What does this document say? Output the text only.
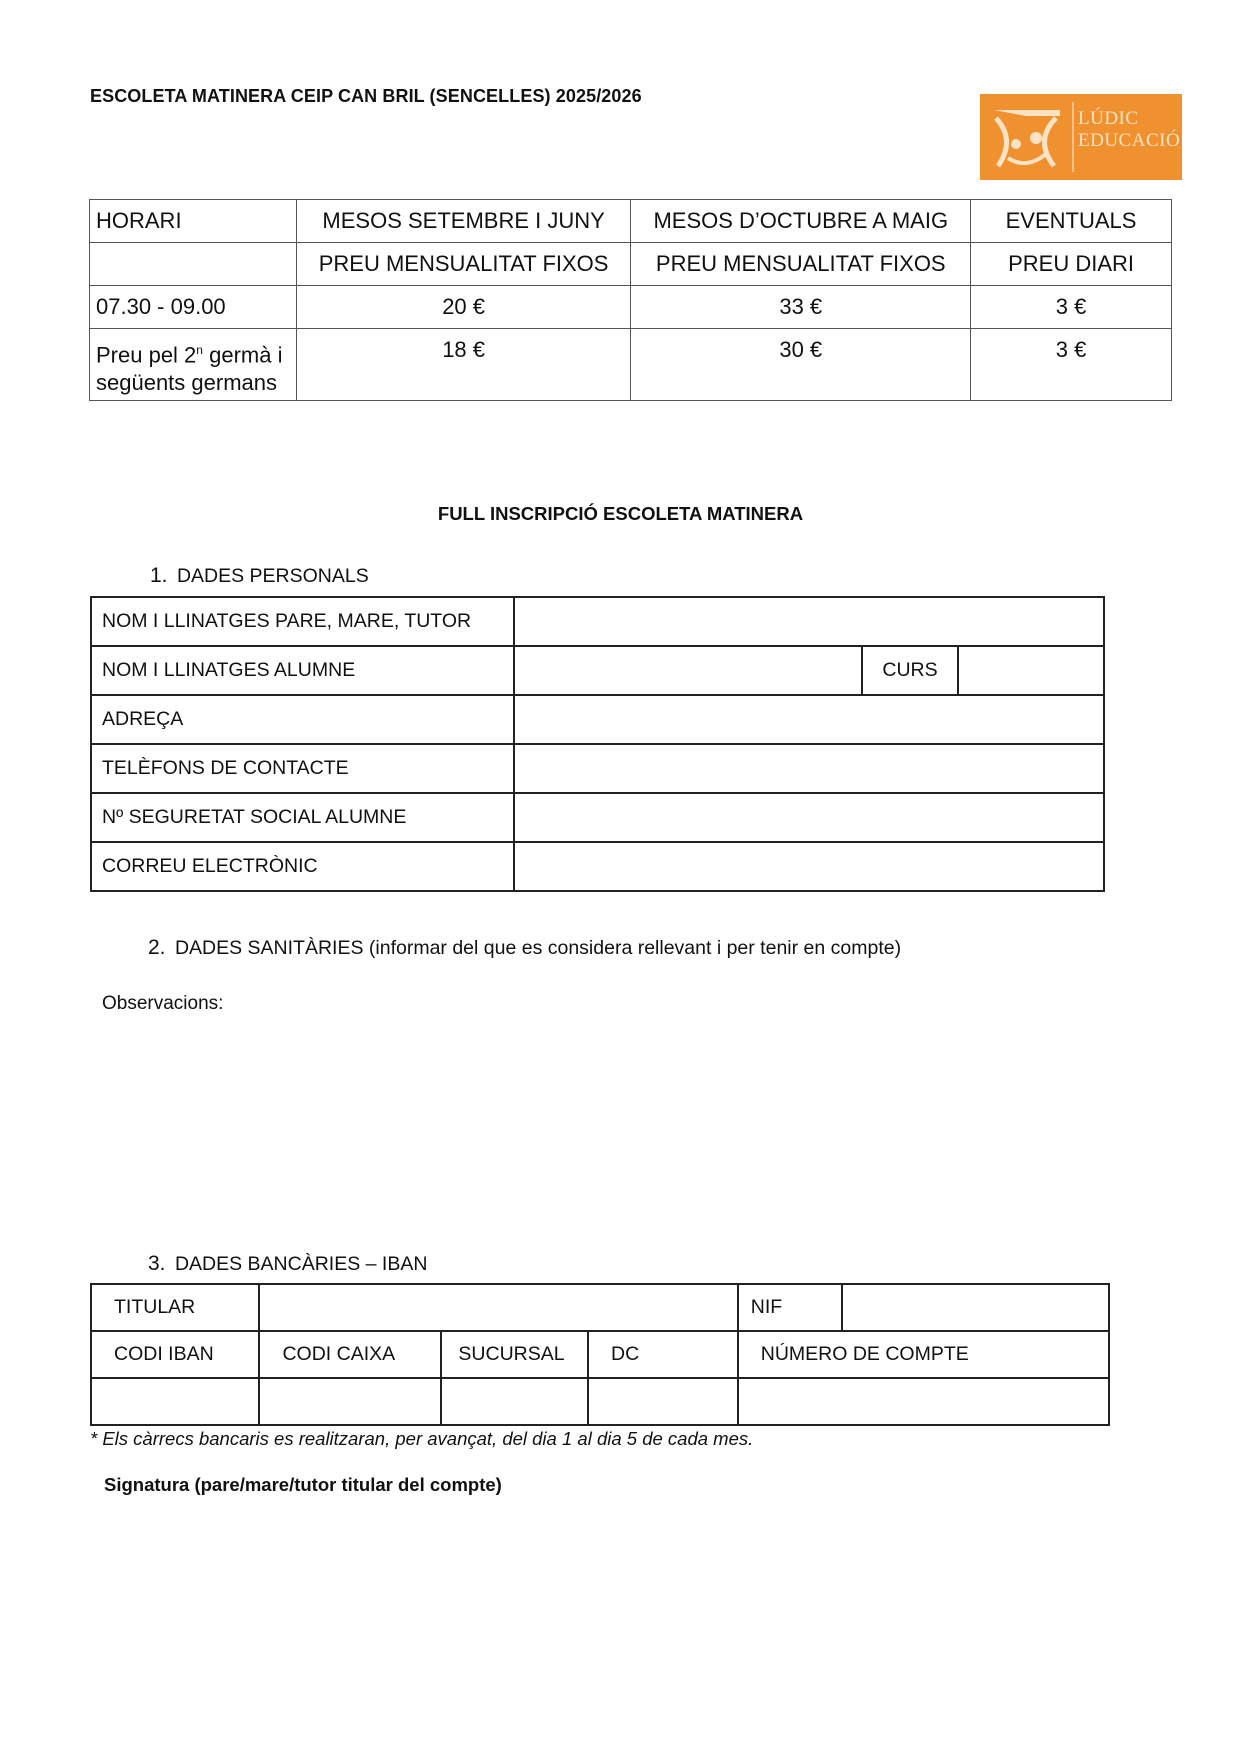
ESCOLETA MATINERA CEIP CAN BRIL (SENCELLES) 2025/2026
LÚDIC
EDUCACIÓ
HORARI	MESOS SETEMBRE I JUNY	MESOS D’OCTUBRE A MAIG	EVENTUALS
	PREU MENSUALITAT FIXOS	PREU MENSUALITAT FIXOS	PREU DIARI
07.30 - 09.00	20 €	33 €	3 €
Preu pel 2$^n$ germà i següents germans	18 €	30 €	3 €
FULL INSCRIPCIÓ ESCOLETA MATINERA
1. DADES PERSONALS
NOM I LLINATGES PARE, MARE, TUTOR			
NOM I LLINATGES ALUMNE		CURS	
ADREÇA			
TELÈFONS DE CONTACTE			
Nº SEGURETAT SOCIAL ALUMNE			
CORREU ELECTRÒNIC			
2. DADES SANITÀRIES (informar del que es considera rellevant i per tenir en compte)
Observacions:
3. DADES BANCÀRIES – IBAN
TITULAR				NIF	
CODI IBAN	CODI CAIXA	SUCURSAL	DC	NÚMERO DE COMPTE	

* Els càrrecs bancaris es realitzaran, per avançat, del dia 1 al dia 5 de cada mes.
Signatura (pare/mare/tutor titular del compte)
